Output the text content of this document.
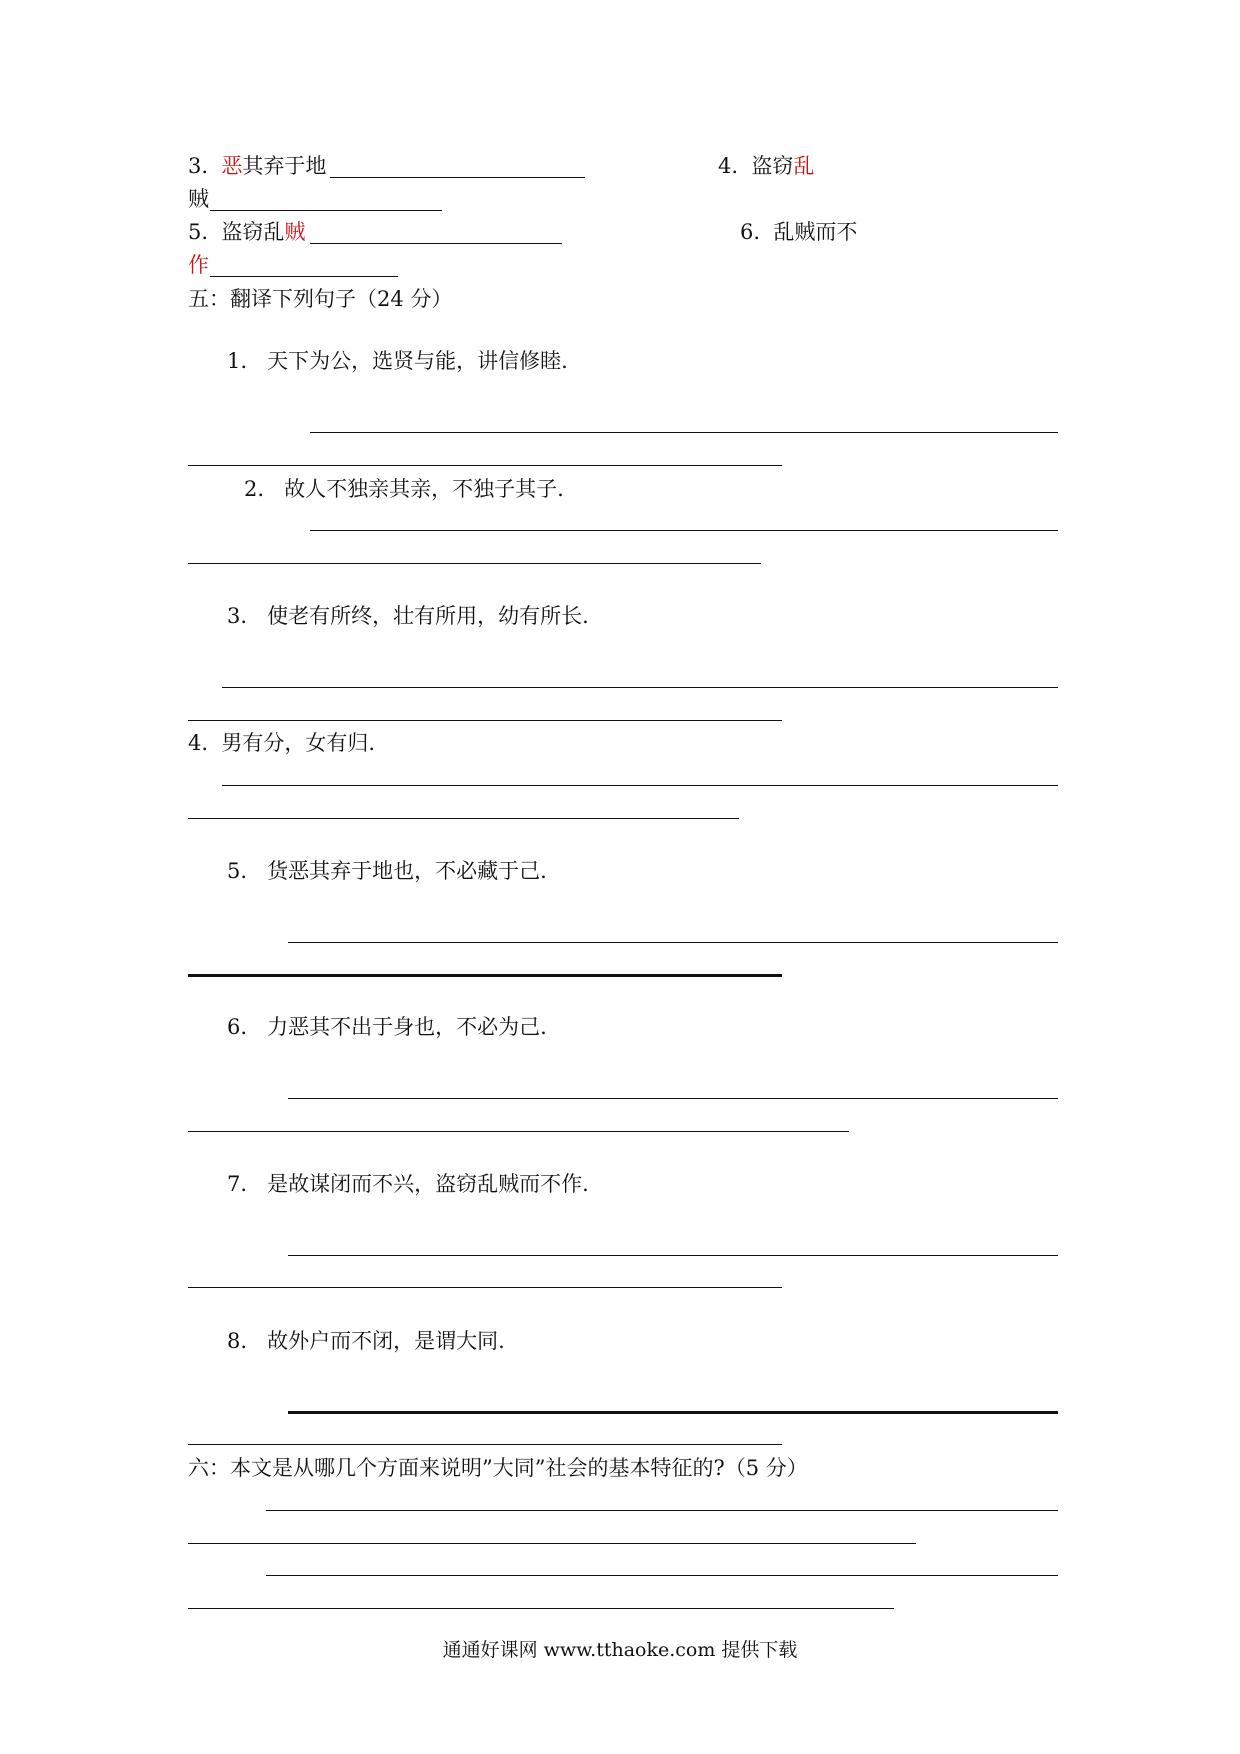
3. 恶其弃于地	4. 盗窃乱
贼
5. 盗窃乱贼	6. 乱贼而不
作
五：翻译下列句子（24 分）
1. 天下为公，选贤与能，讲信修睦.
2. 故人不独亲其亲，不独子其子.
3. 使老有所终，壮有所用，幼有所长.
4. 男有分，女有归.
5. 货恶其弃于地也，不必藏于己.
6. 力恶其不出于身也，不必为己.
7. 是故谋闭而不兴，盗窃乱贼而不作.
8. 故外户而不闭，是谓大同.
六：本文是从哪几个方面来说明”大同”社会的基本特征的?（5 分）
通通好课网 www.tthaoke.com 提供下载
